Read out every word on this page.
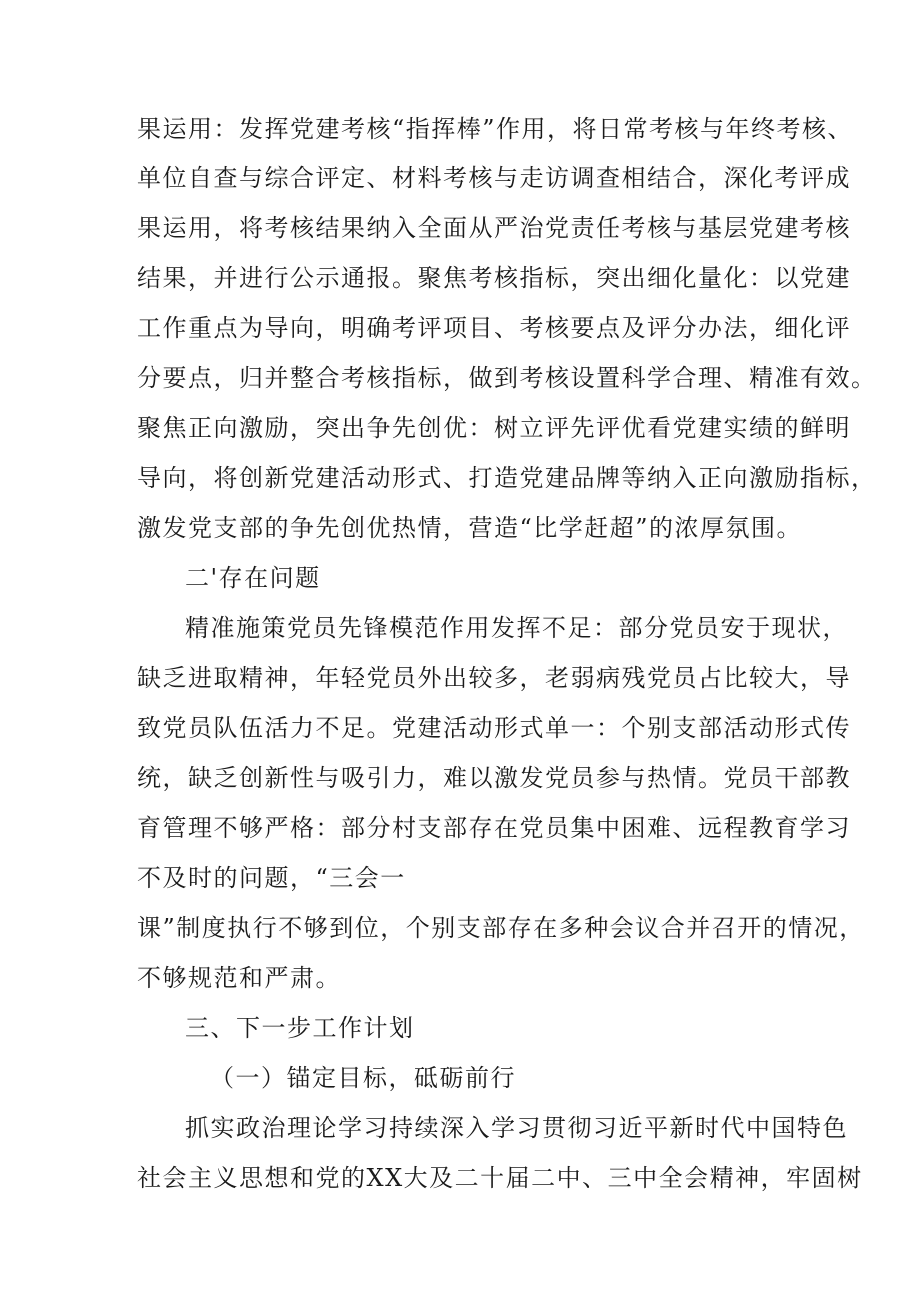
果运用：发挥党建考核“指挥棒”作用，将日常考核与年终考核、
单位自查与综合评定、材料考核与走访调查相结合，深化考评成
果运用，将考核结果纳入全面从严治党责任考核与基层党建考核
结果，并进行公示通报。聚焦考核指标，突出细化量化：以党建
工作重点为导向，明确考评项目、考核要点及评分办法，细化评
分要点，归并整合考核指标，做到考核设置科学合理、精准有效。
聚焦正向激励，突出争先创优：树立评先评优看党建实绩的鲜明
导向，将创新党建活动形式、打造党建品牌等纳入正向激励指标，
激发党支部的争先创优热情，营造“比学赶超”的浓厚氛围。
二'存在问题
精准施策党员先锋模范作用发挥不足：部分党员安于现状，
缺乏进取精神，年轻党员外出较多，老弱病残党员占比较大，导
致党员队伍活力不足。党建活动形式单一：个别支部活动形式传
统，缺乏创新性与吸引力，难以激发党员参与热情。党员干部教
育管理不够严格：部分村支部存在党员集中困难、远程教育学习
不及时的问题，“三会一
课”制度执行不够到位，个别支部存在多种会议合并召开的情况，
不够规范和严肃。
三、下一步工作计划
（一）锚定目标，砥砺前行
抓实政治理论学习持续深入学习贯彻习近平新时代中国特色
社会主义思想和党的XX大及二十届二中、三中全会精神，牢固树
